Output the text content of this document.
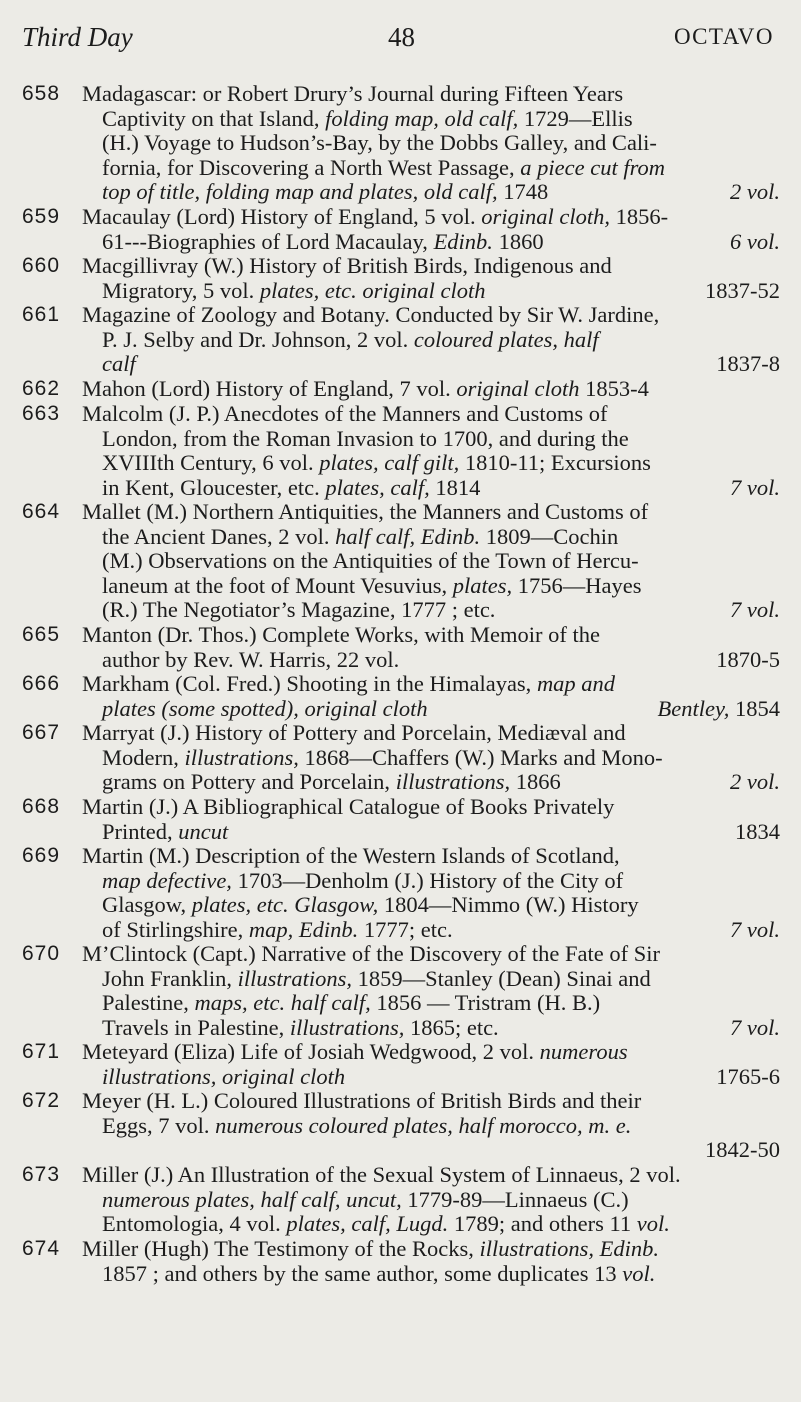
Third Day	48	OCTAVO
658 Madagascar: or Robert Drury’s Journal during Fifteen Years
Captivity on that Island, folding map, old calf, 1729—Ellis
(H.) Voyage to Hudson’s-Bay, by the Dobbs Galley, and Cali-
fornia, for Discovering a North West Passage, a piece cut from
top of title, folding map and plates, old calf, 1748	2 vol.
659 Macaulay (Lord) History of England, 5 vol. original cloth, 1856-
61---Biographies of Lord Macaulay, Edinb. 1860	6 vol.
660 Macgillivray (W.) History of British Birds, Indigenous and
Migratory, 5 vol. plates, etc. original cloth	1837-52
661 Magazine of Zoology and Botany. Conducted by Sir W. Jardine,
P. J. Selby and Dr. Johnson, 2 vol. coloured plates, half
calf	1837-8
662 Mahon (Lord) History of England, 7 vol. original cloth 1853-4
663 Malcolm (J. P.) Anecdotes of the Manners and Customs of
London, from the Roman Invasion to 1700, and during the
XVIIIth Century, 6 vol. plates, calf gilt, 1810-11; Excursions
in Kent, Gloucester, etc. plates, calf, 1814	7 vol.
664 Mallet (M.) Northern Antiquities, the Manners and Customs of
the Ancient Danes, 2 vol. half calf, Edinb. 1809—Cochin
(M.) Observations on the Antiquities of the Town of Hercu-
laneum at the foot of Mount Vesuvius, plates, 1756—Hayes
(R.) The Negotiator’s Magazine, 1777 ; etc.	7 vol.
665 Manton (Dr. Thos.) Complete Works, with Memoir of the
author by Rev. W. Harris, 22 vol.	1870-5
666 Markham (Col. Fred.) Shooting in the Himalayas, map and
plates (some spotted), original cloth	Bentley, 1854
667 Marryat (J.) History of Pottery and Porcelain, Mediæval and
Modern, illustrations, 1868—Chaffers (W.) Marks and Mono-
grams on Pottery and Porcelain, illustrations, 1866	2 vol.
668 Martin (J.) A Bibliographical Catalogue of Books Privately
Printed, uncut	1834
669 Martin (M.) Description of the Western Islands of Scotland,
map defective, 1703—Denholm (J.) History of the City of
Glasgow, plates, etc. Glasgow, 1804—Nimmo (W.) History
of Stirlingshire, map, Edinb. 1777; etc.	7 vol.
670 M’Clintock (Capt.) Narrative of the Discovery of the Fate of Sir
John Franklin, illustrations, 1859—Stanley (Dean) Sinai and
Palestine, maps, etc. half calf, 1856 — Tristram (H. B.)
Travels in Palestine, illustrations, 1865; etc.	7 vol.
671 Meteyard (Eliza) Life of Josiah Wedgwood, 2 vol. numerous
illustrations, original cloth	1765-6
672 Meyer (H. L.) Coloured Illustrations of British Birds and their
Eggs, 7 vol. numerous coloured plates, half morocco, m. e.
1842-50
673 Miller (J.) An Illustration of the Sexual System of Linnaeus, 2 vol.
numerous plates, half calf, uncut, 1779-89—Linnaeus (C.)
Entomologia, 4 vol. plates, calf, Lugd. 1789; and others 11 vol.
674 Miller (Hugh) The Testimony of the Rocks, illustrations, Edinb.
1857 ; and others by the same author, some duplicates 13 vol.
